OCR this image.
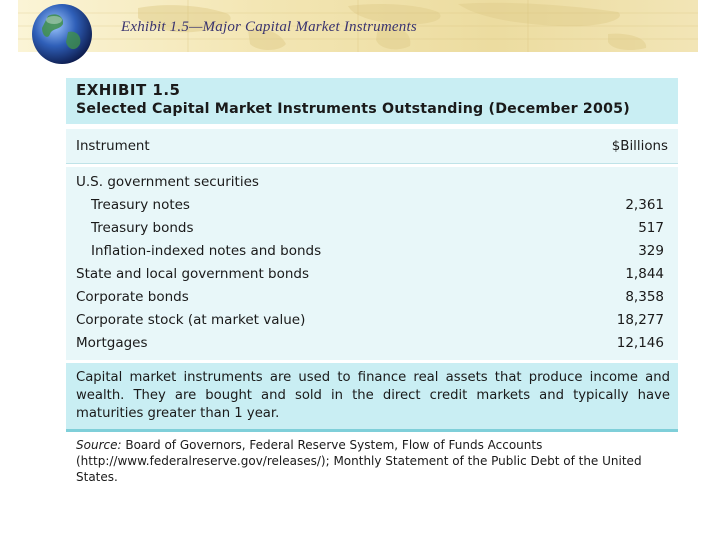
Exhibit 1.5—Major Capital Market Instruments
EXHIBIT 1.5
Selected Capital Market Instruments Outstanding (December 2005)
Instrument	$Billions
U.S. government securities
Treasury notes	2,361
Treasury bonds	517
Inflation-indexed notes and bonds	329
State and local government bonds	1,844
Corporate bonds	8,358
Corporate stock (at market value)	18,277
Mortgages	12,146
Capital market instruments are used to finance real assets that produce income and wealth. They are bought and sold in the direct credit markets and typically have maturities greater than 1 year.
Source: Board of Governors, Federal Reserve System, Flow of Funds Accounts (http://www.federalreserve.gov/releases/); Monthly Statement of the Public Debt of the United States.
